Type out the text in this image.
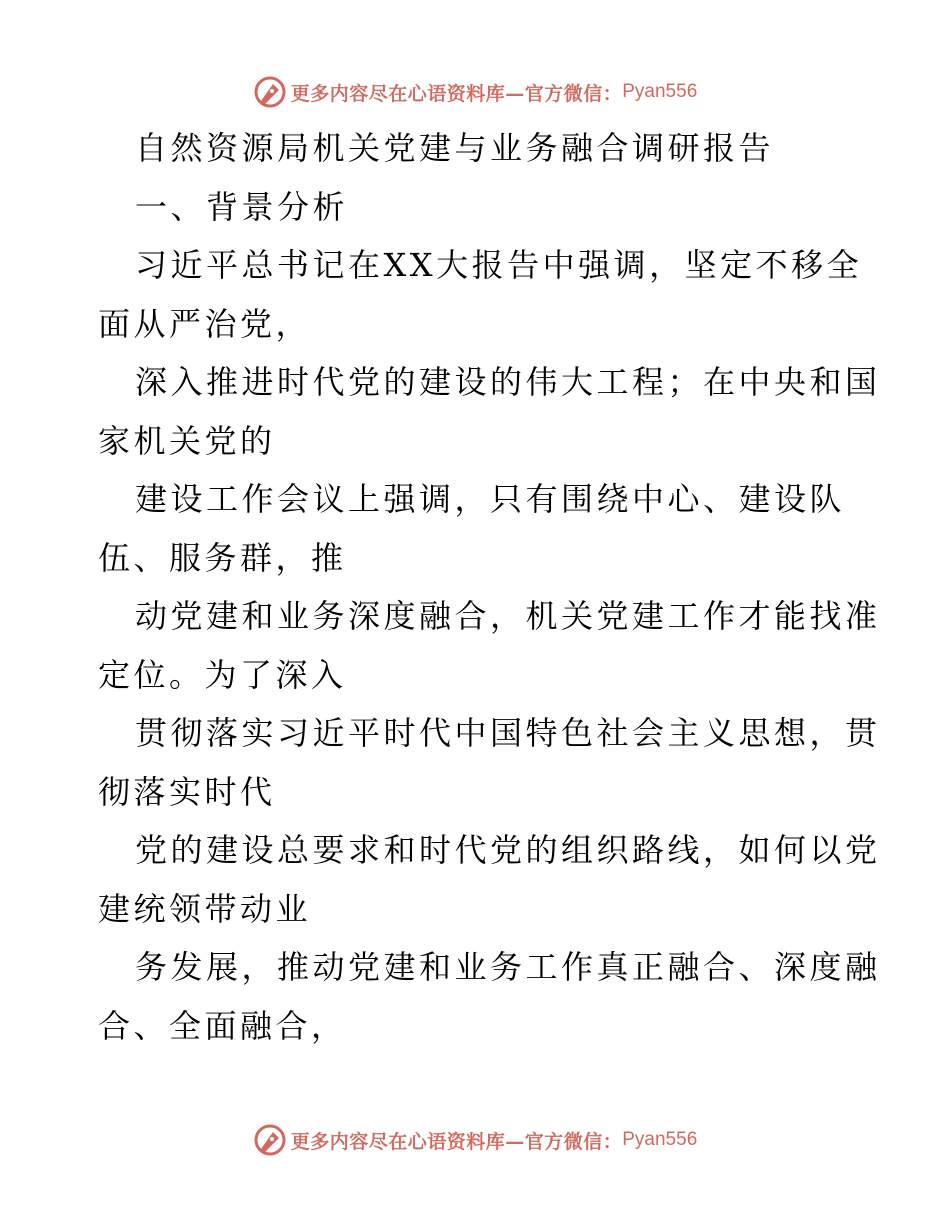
更多内容尽在心语资料库—官方微信： Pyan556
自然资源局机关党建与业务融合调研报告
一、背景分析
习近平总书记在XX大报告中强调，坚定不移全
面从严治党，
深入推进时代党的建设的伟大工程；在中央和国
家机关党的
建设工作会议上强调，只有围绕中心、建设队
伍、服务群，推
动党建和业务深度融合，机关党建工作才能找准
定位。为了深入
贯彻落实习近平时代中国特色社会主义思想，贯
彻落实时代
党的建设总要求和时代党的组织路线，如何以党
建统领带动业
务发展，推动党建和业务工作真正融合、深度融
合、全面融合，
更多内容尽在心语资料库—官方微信： Pyan556
